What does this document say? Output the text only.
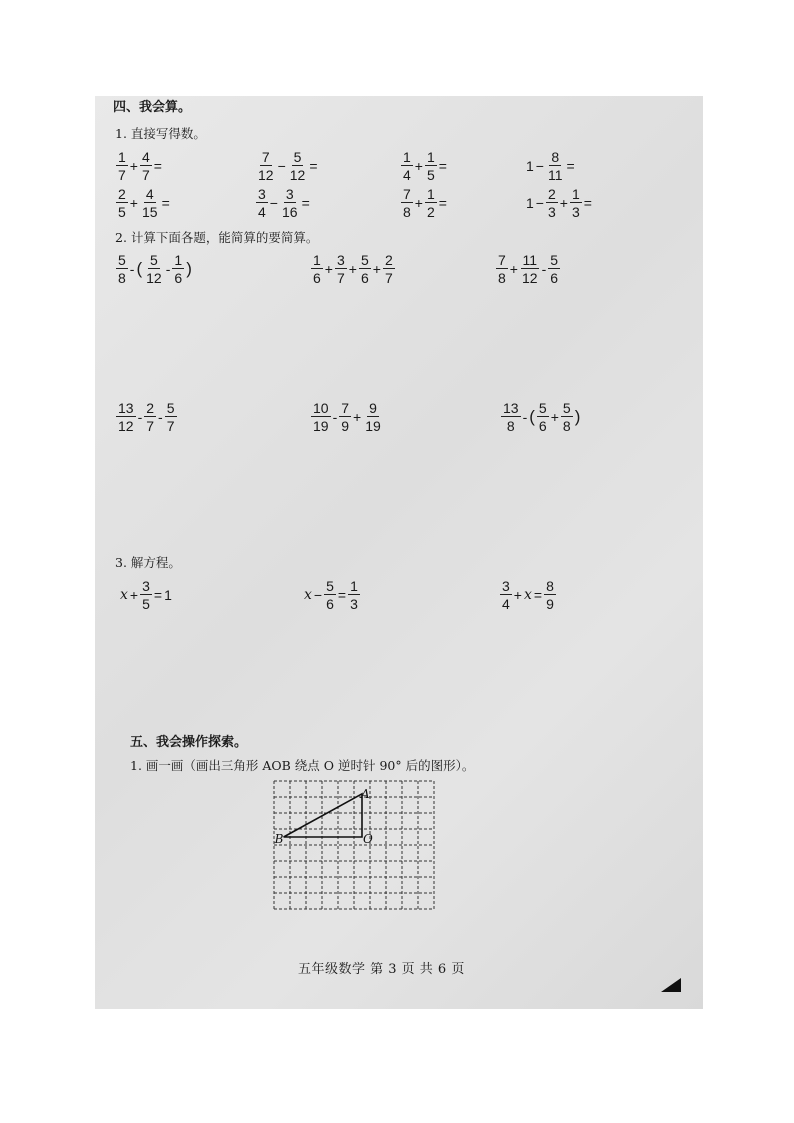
四、我会算。
1. 直接写得数。
$\frac{1}{7} + \frac{4}{7}$ =	$\frac{7}{12} - \frac{5}{12}$ =	$\frac{1}{4} + \frac{1}{5}$ =	$1 - \frac{8}{11}$ =
$\frac{2}{5} + \frac{4}{15}$ =	$\frac{3}{4} - \frac{3}{16}$ =	$\frac{7}{8} + \frac{1}{2}$ =	$1 - \frac{2}{3} + \frac{1}{3}$ =
2. 计算下面各题，能简算的要简算。
$\frac{5}{8}$ - ( $\frac{5}{12} - \frac{1}{6}$ )	$\frac{1}{6} + \frac{3}{7} + \frac{5}{6} + \frac{2}{7}$	$\frac{7}{8} + \frac{11}{12} - \frac{5}{6}$
$\frac{13}{12} - \frac{2}{7} - \frac{5}{7}$	$\frac{10}{19} - \frac{7}{9} + \frac{9}{19}$	$\frac{13}{8}$ - ( $\frac{5}{6} + \frac{5}{8}$ )
3. 解方程。
$x + \frac{3}{5} = 1$	$x - \frac{5}{6} = \frac{1}{3}$	$\frac{3}{4} + x = \frac{8}{9}$
五、我会操作探索。
1. 画一画（画出三角形 AOB 绕点 O 逆时针 90° 后的图形）。
A
O
B
五年级数学 第 3 页 共 6 页
